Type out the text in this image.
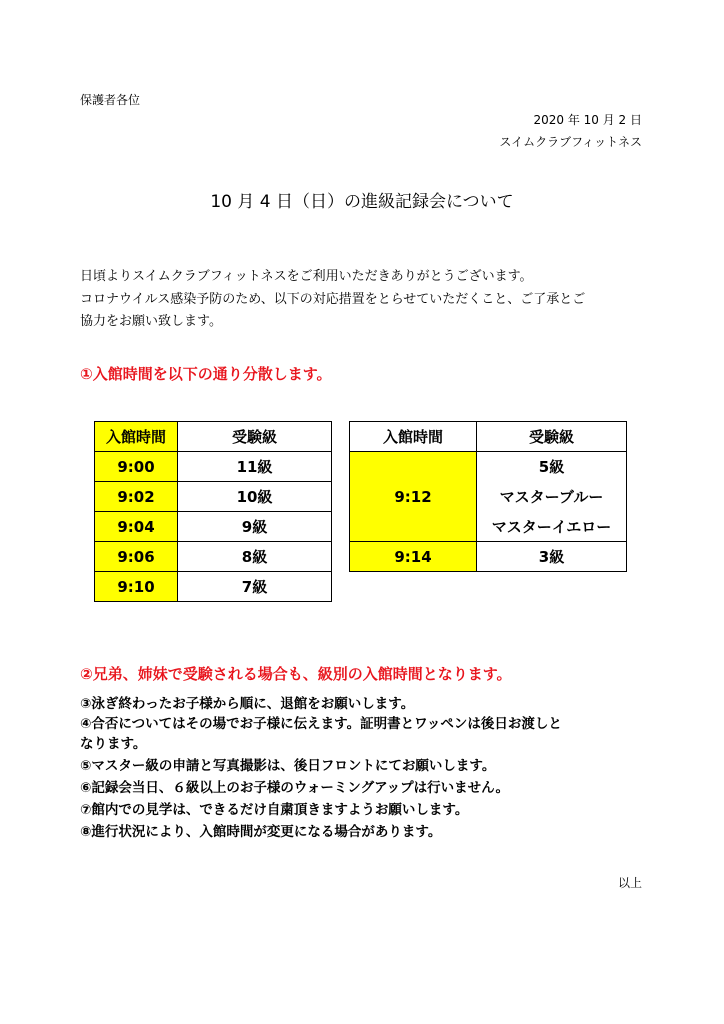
保護者各位
2020 年 10 月 2 日
スイムクラブフィットネス
10 月 4 日（日）の進級記録会について
日頃よりスイムクラブフィットネスをご利用いただきありがとうございます。
コロナウイルス感染予防のため、以下の対応措置をとらせていただくこと、ご了承とご
協力をお願い致します。
①入館時間を以下の通り分散します。
入館時間	受験級
9:00	11級
9:02	10級
9:04	9級
9:06	8級
9:10	7級
入館時間	受験級
9:12	5級
	マスターブルー
	マスターイエロー
9:14	3級
②兄弟、姉妹で受験される場合も、級別の入館時間となります。
③泳ぎ終わったお子様から順に、退館をお願いします。
④合否についてはその場でお子様に伝えます。証明書とワッペンは後日お渡しと
なります。
⑤マスター級の申請と写真撮影は、後日フロントにてお願いします。
⑥記録会当日、６級以上のお子様のウォーミングアップは行いません。
⑦館内での見学は、できるだけ自粛頂きますようお願いします。
⑧進行状況により、入館時間が変更になる場合があります。
以上
